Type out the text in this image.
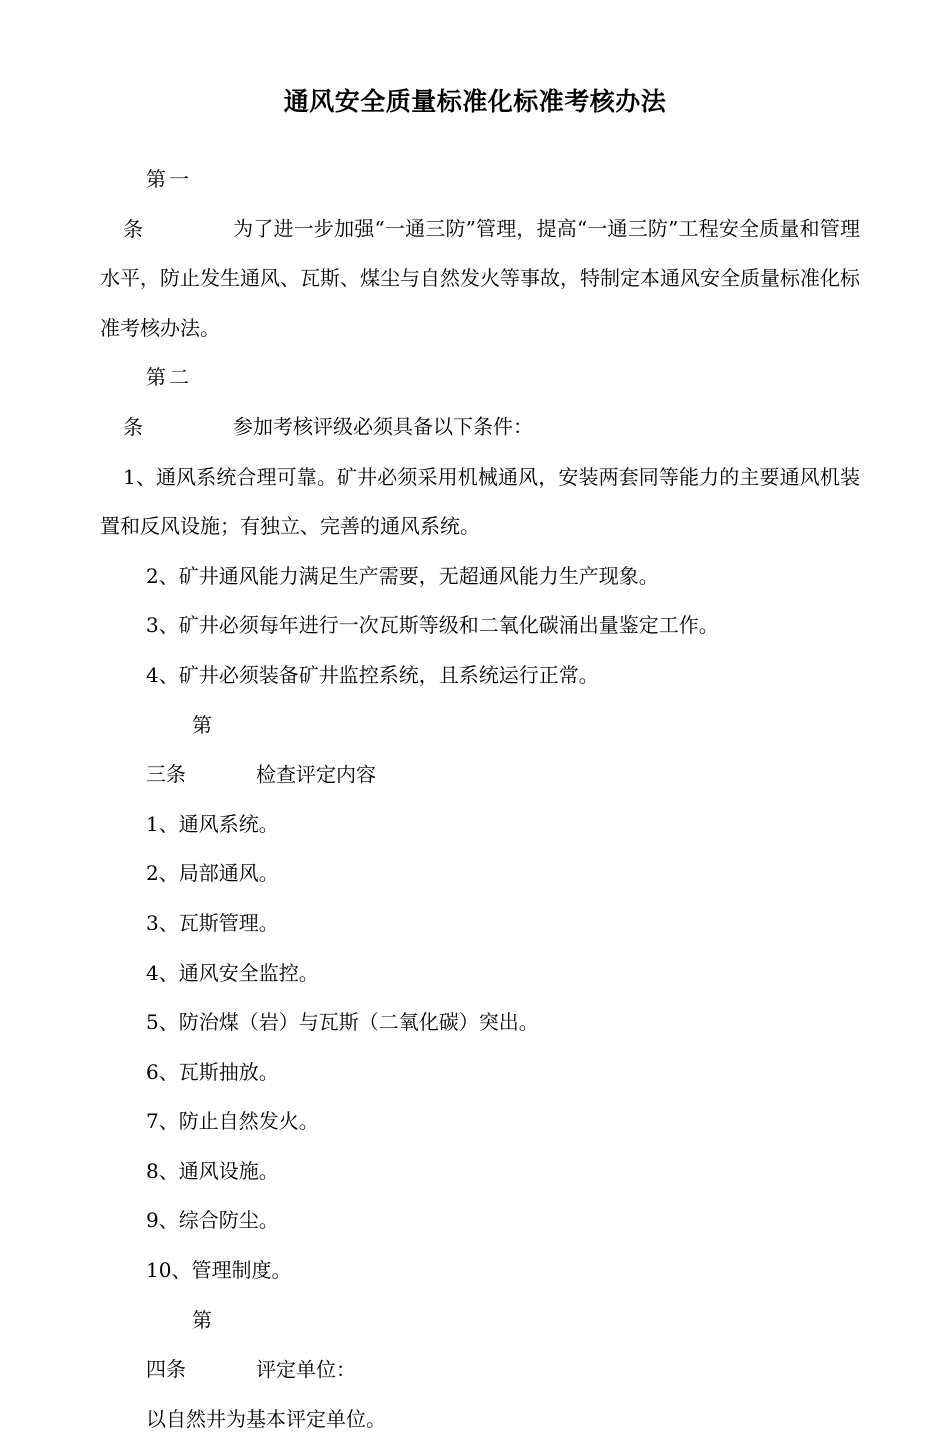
通风安全质量标准化标准考核办法

第一条	为了进一步加强“一通三防”管理，提高“一通三防”工程安全质量和管理水平，防止发生通风、瓦斯、煤尘与自然发火等事故，特制定本通风安全质量标准化标准考核办法。

第二条	参加考核评级必须具备以下条件：

1、通风系统合理可靠。矿井必须采用机械通风，安装两套同等能力的主要通风机装置和反风设施；有独立、完善的通风系统。

2、矿井通风能力满足生产需要，无超通风能力生产现象。

3、矿井必须每年进行一次瓦斯等级和二氧化碳涌出量鉴定工作。

4、矿井必须装备矿井监控系统，且系统运行正常。

第三条	检查评定内容

1、通风系统。

2、局部通风。

3、瓦斯管理。

4、通风安全监控。

5、防治煤（岩）与瓦斯（二氧化碳）突出。

6、瓦斯抽放。

7、防止自然发火。

8、通风设施。

9、综合防尘。

10、管理制度。

第四条	评定单位：

以自然井为基本评定单位。
